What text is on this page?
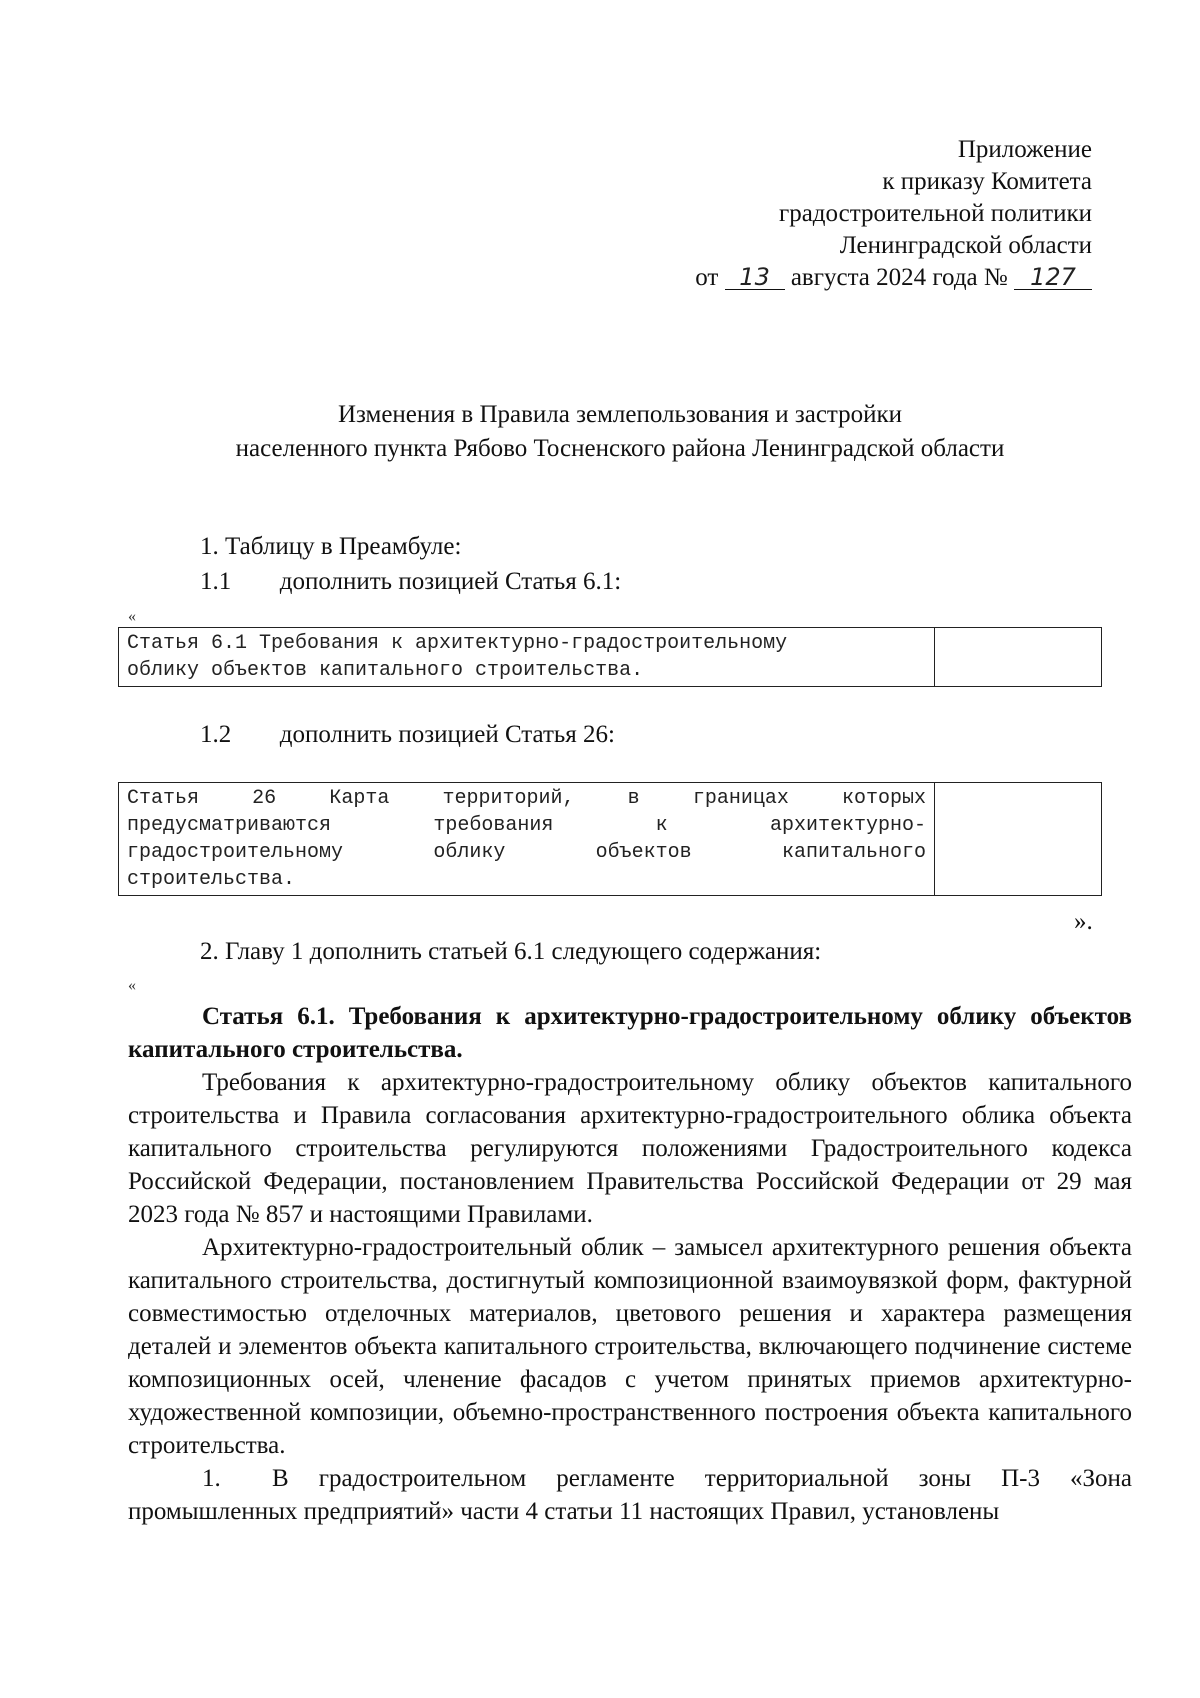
Приложение
к приказу Комитета
градостроительной политики
Ленинградской области
от 13 августа 2024 года № 127
Изменения в Правила землепользования и застройки
населенного пункта Рябово Тосненского района Ленинградской области
1. Таблицу в Преамбуле:
1.1 дополнить позицией Статья 6.1:
«
Статья 6.1 Требования к архитектурно-градостроительному
облику объектов капитального строительства.

1.2 дополнить позицией Статья 26:
Статья 26 Карта территорий, в границах которых
предусматриваются требования к архитектурно-
градостроительному облику объектов капитального
строительства.

».
2. Главу 1 дополнить статьей 6.1 следующего содержания:
«

Статья 6.1. Требования к архитектурно-градостроительному облику объектов капитального строительства.

Требования к архитектурно-градостроительному облику объектов капитального строительства и Правила согласования архитектурно-градостроительного облика объекта капитального строительства регулируются положениями Градостроительного кодекса Российской Федерации, постановлением Правительства Российской Федерации от 29 мая 2023 года № 857 и настоящими Правилами.

Архитектурно-градостроительный облик – замысел архитектурного решения объекта капитального строительства, достигнутый композиционной взаимоувязкой форм, фактурной совместимостью отделочных материалов, цветового решения и характера размещения деталей и элементов объекта капитального строительства, включающего подчинение системе композиционных осей, членение фасадов с учетом принятых приемов архитектурно-художественной композиции, объемно-пространственного построения объекта капитального строительства.

1. В градостроительном регламенте территориальной зоны П-3 «Зона промышленных предприятий» части 4 статьи 11 настоящих Правил, установлены
